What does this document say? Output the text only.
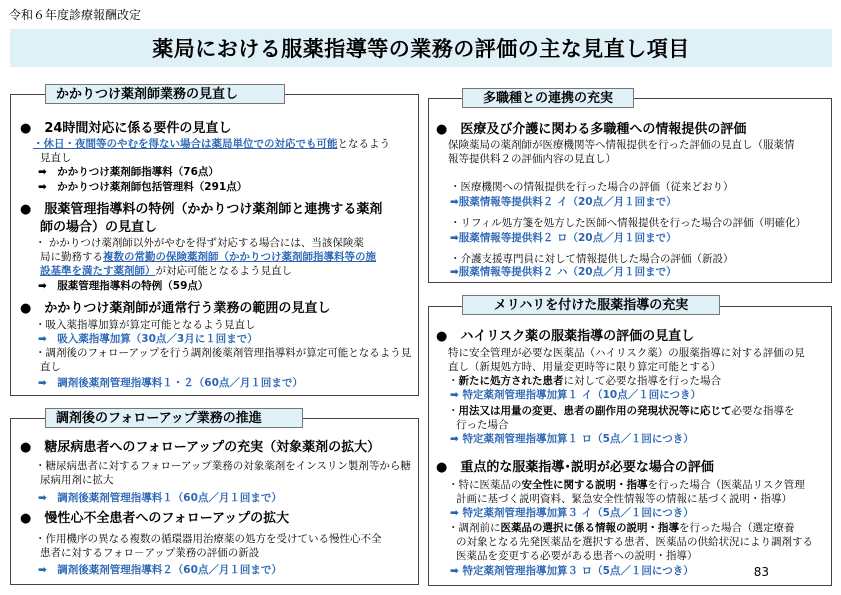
令和６年度診療報酬改定
薬局における服薬指導等の業務の評価の主な見直し項目
かかりつけ薬剤師業務の見直し
●　24時間対応に係る要件の見直し
・休日・夜間等のやむを得ない場合は薬局単位での対応でも可能となるよう
見直し
➡　かかりつけ薬剤師指導料（76点）
➡　かかりつけ薬剤師包括管理料（291点）
●　服薬管理指導料の特例（かかりつけ薬剤師と連携する薬剤
師の場合）の見直し
・ かかりつけ薬剤師以外がやむを得ず対応する場合には、当該保険薬
局に勤務する複数の常勤の保険薬剤師（かかりつけ薬剤師指導料等の施
設基準を満たす薬剤師）が対応可能となるよう見直し
➡　服薬管理指導料の特例（59点）
●　かかりつけ薬剤師が通常行う業務の範囲の見直し
・吸入薬指導加算が算定可能となるよう見直し
➡　吸入薬指導加算（30点／3月に１回まで）
・調剤後のフォローアップを行う調剤後薬剤管理指導料が算定可能となるよう見
直し
➡　調剤後薬剤管理指導料１・２（60点／月１回まで）
調剤後のフォローアップ業務の推進
●　糖尿病患者へのフォローアップの充実（対象薬剤の拡大）
・糖尿病患者に対するフォローアップ業務の対象薬剤をインスリン製剤等から糖
尿病用剤に拡大
➡　調剤後薬剤管理指導料１（60点／月１回まで）
●　慢性心不全患者へのフォローアップの拡大
・作用機序の異なる複数の循環器用治療薬の処方を受けている慢性心不全
患者に対するフォロ－アップ業務の評価の新設
➡　調剤後薬剤管理指導料２（60点／月１回まで）
多職種との連携の充実
●　医療及び介護に関わる多職種への情報提供の評価
保険薬局の薬剤師が医療機関等へ情報提供を行った評価の見直し（服薬情
報等提供料２の評価内容の見直し）
・医療機関への情報提供を行った場合の評価（従来どおり）
➡服薬情報等提供料２ イ（20点／月１回まで）
・リフィル処方箋を処方した医師へ情報提供を行った場合の評価（明確化）
➡服薬情報等提供料２ ロ（20点／月１回まで）
・介護支援専門員に対して情報提供した場合の評価（新設）
➡服薬情報等提供料２ ハ（20点／月１回まで）
メリハリを付けた服薬指導の充実
●　ハイリスク薬の服薬指導の評価の見直し
特に安全管理が必要な医薬品（ハイリスク薬）の服薬指導に対する評価の見
直し（新規処方時、用量変更時等に限り算定可能とする）
・新たに処方された患者に対して必要な指導を行った場合
➡ 特定薬剤管理指導加算１ イ（10点／１回につき）
・用法又は用量の変更、患者の副作用の発現状況等に応じて必要な指導を
行った場合
➡ 特定薬剤管理指導加算１ ロ（5点／１回につき）
●　重点的な服薬指導･説明が必要な場合の評価
・特に医薬品の安全性に関する説明・指導を行った場合（医薬品リスク管理
計画に基づく説明資料、緊急安全性情報等の情報に基づく説明・指導）
➡ 特定薬剤管理指導加算３ イ（5点／１回につき）
・調剤前に医薬品の選択に係る情報の説明・指導を行った場合（選定療養
の対象となる先発医薬品を選択する患者、医薬品の供給状況により調剤する
医薬品を変更する必要がある患者への説明・指導）
➡ 特定薬剤管理指導加算３ ロ（5点／１回につき）	83
